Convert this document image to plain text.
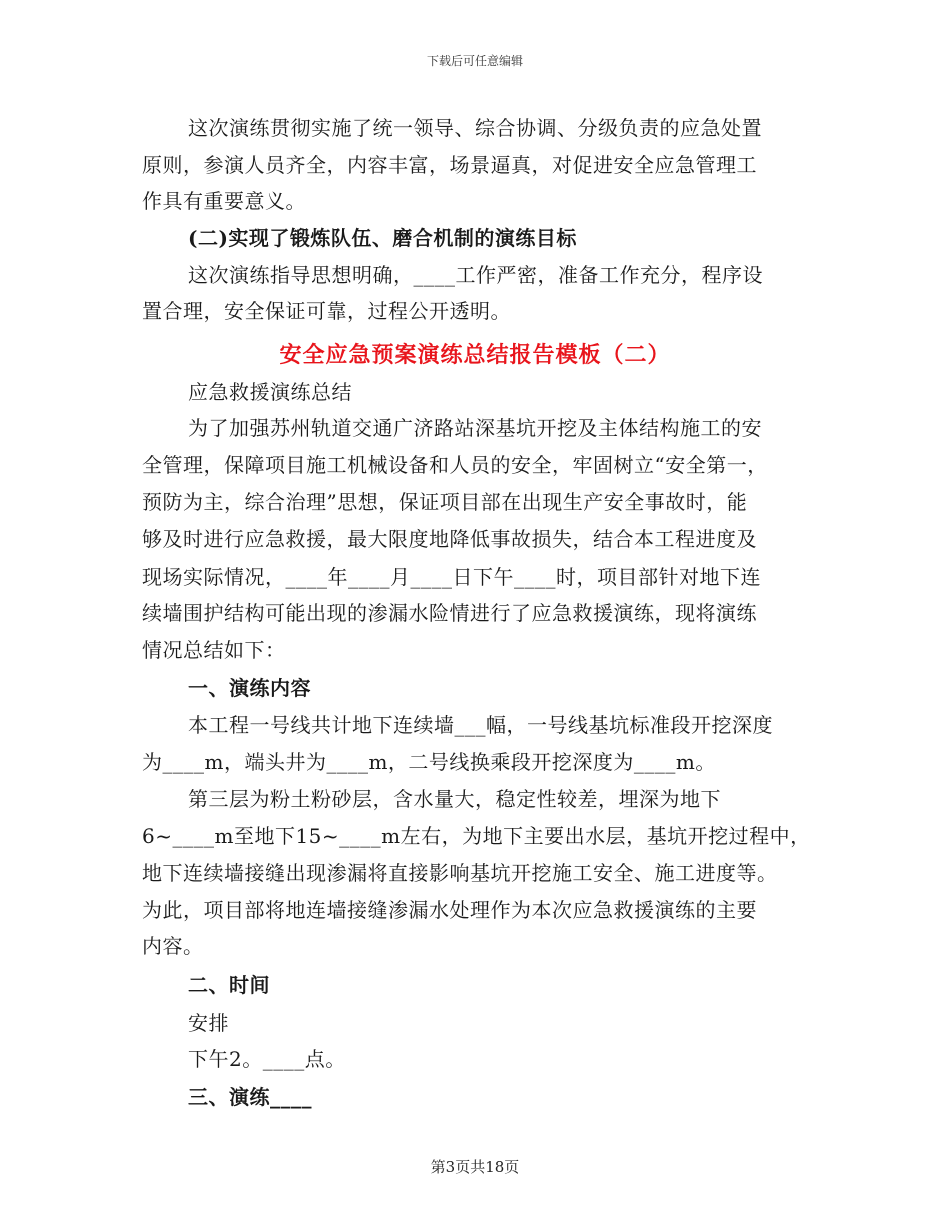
下载后可任意编辑
这次演练贯彻实施了统一领导、综合协调、分级负责的应急处置
原则，参演人员齐全，内容丰富，场景逼真，对促进安全应急管理工
作具有重要意义。
(二)实现了锻炼队伍、磨合机制的演练目标
这次演练指导思想明确，____工作严密，准备工作充分，程序设
置合理，安全保证可靠，过程公开透明。
安全应急预案演练总结报告模板（二）
应急救援演练总结
为了加强苏州轨道交通广济路站深基坑开挖及主体结构施工的安
全管理，保障项目施工机械设备和人员的安全，牢固树立“安全第一，
预防为主，综合治理”思想，保证项目部在出现生产安全事故时，能
够及时进行应急救援，最大限度地降低事故损失，结合本工程进度及
现场实际情况，____年____月____日下午____时，项目部针对地下连
续墙围护结构可能出现的渗漏水险情进行了应急救援演练，现将演练
情况总结如下：
一、演练内容
本工程一号线共计地下连续墙___幅，一号线基坑标准段开挖深度
为____m，端头井为____m，二号线换乘段开挖深度为____m。
第三层为粉土粉砂层，含水量大，稳定性较差，埋深为地下
6~____m至地下15~____m左右，为地下主要出水层，基坑开挖过程中，
地下连续墙接缝出现渗漏将直接影响基坑开挖施工安全、施工进度等。
为此，项目部将地连墙接缝渗漏水处理作为本次应急救援演练的主要
内容。
二、时间
安排
下午2。____点。
三、演练____
第3页共18页
